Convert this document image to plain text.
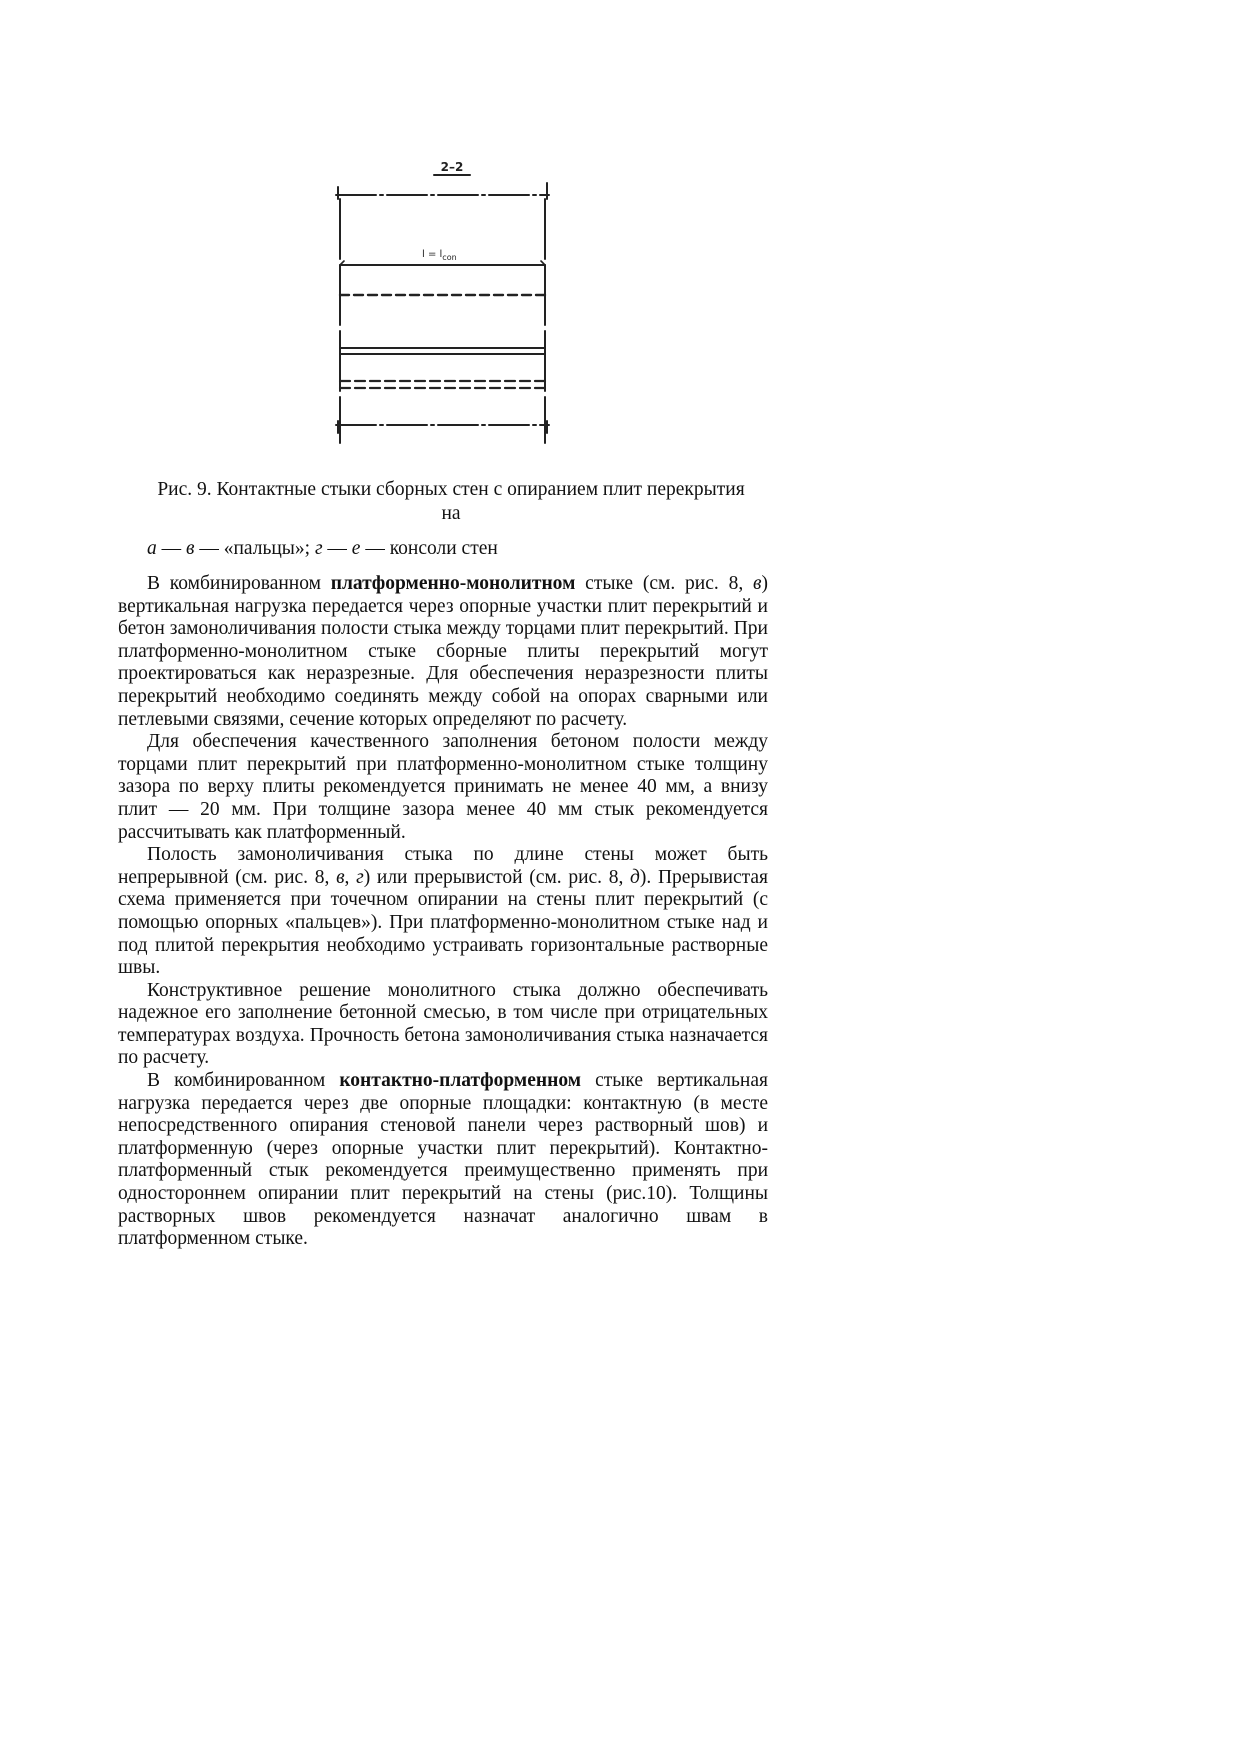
2–2
$l = l_{con}$
Рис. 9. Контактные стыки сборных стен с опиранием плит перекрытия
на
а — в — «пальцы»; г — е — консоли стен

В комбинированном платформенно-монолитном стыке (см. рис. 8, в) вертикальная нагрузка передается через опорные участки плит перекрытий и бетон замоноличивания полости стыка между торцами плит перекрытий. При платформенно-монолитном стыке сборные плиты перекрытий могут проектироваться как неразрезные. Для обеспечения неразрезности плиты перекрытий необходимо соединять между собой на опорах сварными или петлевыми связями, сечение которых определяют по расчету.

Для обеспечения качественного заполнения бетоном полости между торцами плит перекрытий при платформенно-монолитном стыке толщину зазора по верху плиты рекомендуется принимать не менее 40 мм, а внизу плит — 20 мм. При толщине зазора менее 40 мм стык рекомендуется рассчитывать как платформенный.

Полость замоноличивания стыка по длине стены может быть непрерывной (см. рис. 8, в, г) или прерывистой (см. рис. 8, д). Прерывистая схема применяется при точечном опирании на стены плит перекрытий (с помощью опорных «пальцев»). При платформенно-монолитном стыке над и под плитой перекрытия необходимо устраивать горизонтальные растворные швы.

Конструктивное решение монолитного стыка должно обеспечивать надежное его заполнение бетонной смесью, в том числе при отрицательных температурах воздуха. Прочность бетона замоноличивания стыка назначается по расчету.

В комбинированном контактно-платформенном стыке вертикальная нагрузка передается через две опорные площадки: контактную (в месте непосредственного опирания стеновой панели через растворный шов) и платформенную (через опорные участки плит перекрытий). Контактно-платформенный стык рекомендуется преимущественно применять при одностороннем опирании плит перекрытий на стены (рис.10). Толщины растворных швов рекомендуется назначат аналогично швам в платформенном стыке.
